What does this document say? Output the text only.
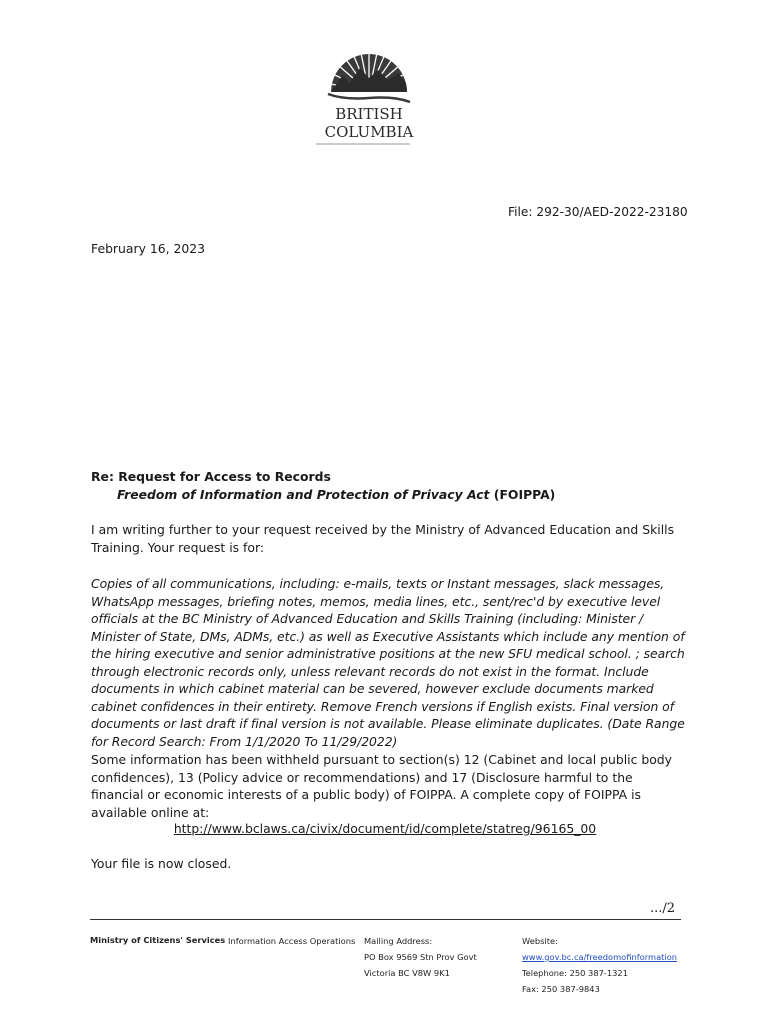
BRITISH
COLUMBIA
File: 292-30/AED-2022-23180
February 16, 2023
Re: Request for Access to Records
Freedom of Information and Protection of Privacy Act (FOIPPA)
I am writing further to your request received by the Ministry of Advanced Education and Skills Training. Your request is for:
Copies of all communications, including: e-mails, texts or Instant messages, slack messages, WhatsApp messages, briefing notes, memos, media lines, etc., sent/rec'd by executive level officials at the BC Ministry of Advanced Education and Skills Training (including: Minister / Minister of State, DMs, ADMs, etc.) as well as Executive Assistants which include any mention of the hiring executive and senior administrative positions at the new SFU medical school. ; search through electronic records only, unless relevant records do not exist in the format. Include documents in which cabinet material can be severed, however exclude documents marked cabinet confidences in their entirety. Remove French versions if English exists. Final version of documents or last draft if final version is not available. Please eliminate duplicates. (Date Range for Record Search: From 1/1/2020 To 11/29/2022)
Some information has been withheld pursuant to section(s) 12 (Cabinet and local public body confidences), 13 (Policy advice or recommendations) and 17 (Disclosure harmful to the financial or economic interests of a public body) of FOIPPA. A complete copy of FOIPPA is available online at:
http://www.bclaws.ca/civix/document/id/complete/statreg/96165_00
Your file is now closed.
.../2
Ministry of Citizens' Services Information Access Operations Mailing Address:
PO Box 9569 Stn Prov Govt
Victoria BC V8W 9K1
Website:
www.gov.bc.ca/freedomofinformation
Telephone: 250 387-1321
Fax: 250 387-9843
